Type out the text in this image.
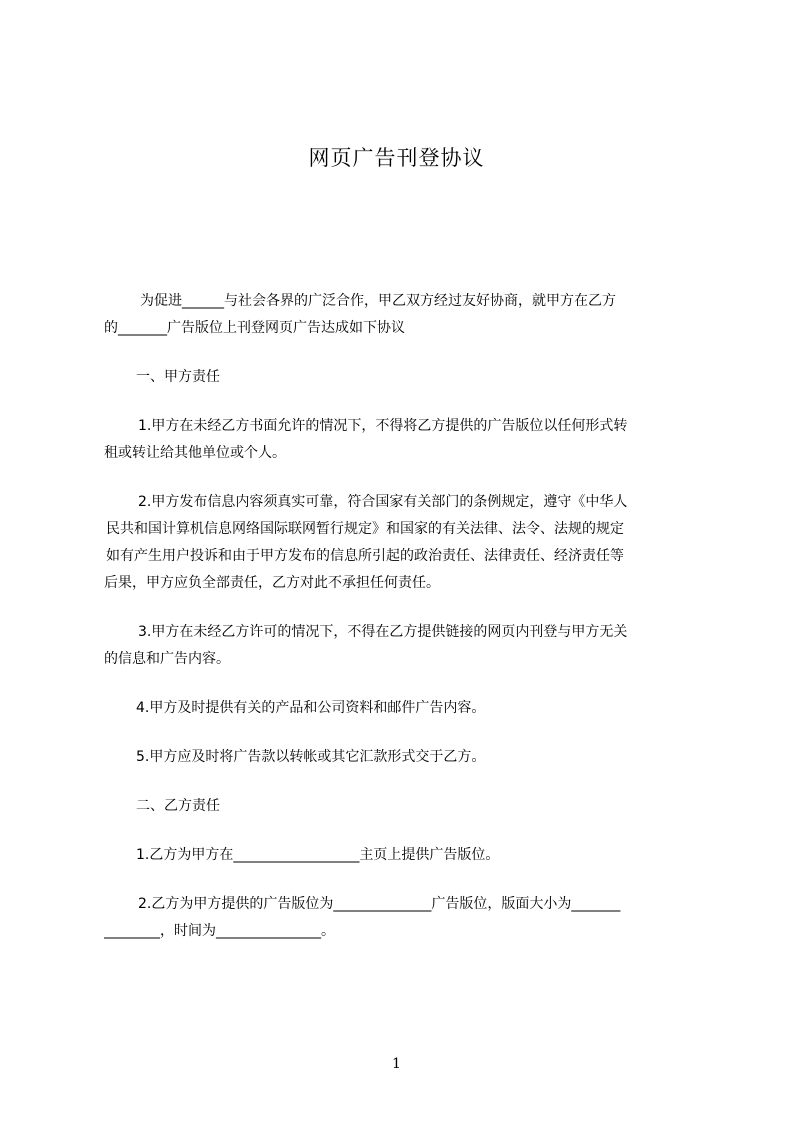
网页广告刊登协议
为促进______与社会各界的广泛合作，甲乙双方经过友好协商，就甲方在乙方
的_______广告版位上刊登网页广告达成如下协议
一、甲方责任
1.甲方在未经乙方书面允许的情况下，不得将乙方提供的广告版位以任何形式转
租或转让给其他单位或个人。
2.甲方发布信息内容须真实可靠，符合国家有关部门的条例规定，遵守《中华人
民共和国计算机信息网络国际联网暂行规定》和国家的有关法律、法令、法规的规定
如有产生用户投诉和由于甲方发布的信息所引起的政治责任、法律责任、经济责任等
后果，甲方应负全部责任，乙方对此不承担任何责任。
3.甲方在未经乙方许可的情况下，不得在乙方提供链接的网页内刊登与甲方无关
的信息和广告内容。
4.甲方及时提供有关的产品和公司资料和邮件广告内容。
5.甲方应及时将广告款以转帐或其它汇款形式交于乙方。
二、乙方责任
1.乙方为甲方在__________________主页上提供广告版位。
2.乙方为甲方提供的广告版位为______________广告版位，版面大小为_______
________，时间为_______________。
1
